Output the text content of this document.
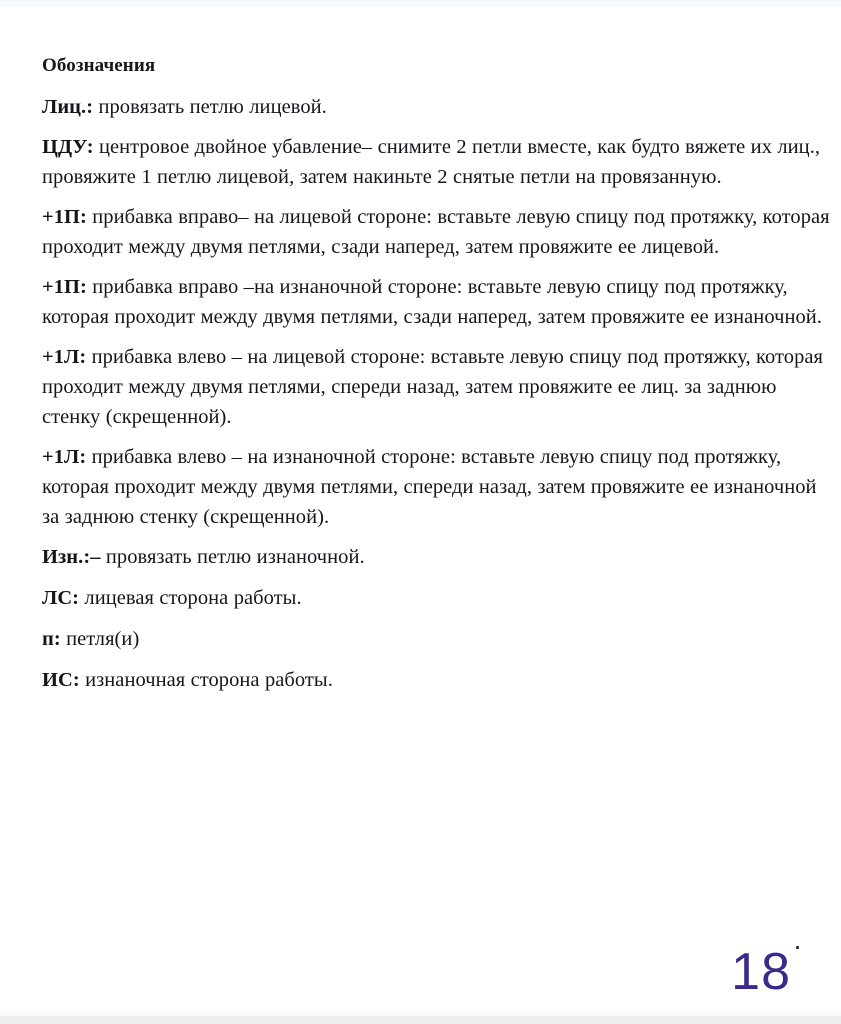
Обозначения

Лиц.: провязать петлю лицевой.

ЦДУ: центровое двойное убавление– снимите 2 петли вместе, как будто вяжете их лиц., провяжите 1 петлю лицевой, затем накиньте 2 снятые петли на провязанную.

+1П: прибавка вправо– на лицевой стороне: вставьте левую спицу под протяжку, которая проходит между двумя петлями, сзади наперед, затем провяжите ее лицевой.

+1П: прибавка вправо –на изнаночной стороне: вставьте левую спицу под протяжку, которая проходит между двумя петлями, сзади наперед, затем провяжите ее изнаночной.

+1Л: прибавка влево – на лицевой стороне: вставьте левую спицу под протяжку, которая проходит между двумя петлями, спереди назад, затем провяжите ее лиц. за заднюю стенку (скрещенной).

+1Л: прибавка влево – на изнаночной стороне: вставьте левую спицу под протяжку, которая проходит между двумя петлями, спереди назад, затем провяжите ее изнаночной за заднюю стенку (скрещенной).

Изн.:– провязать петлю изнаночной.

ЛС: лицевая сторона работы.

п: петля(и)

ИС: изнаночная сторона работы.

18
